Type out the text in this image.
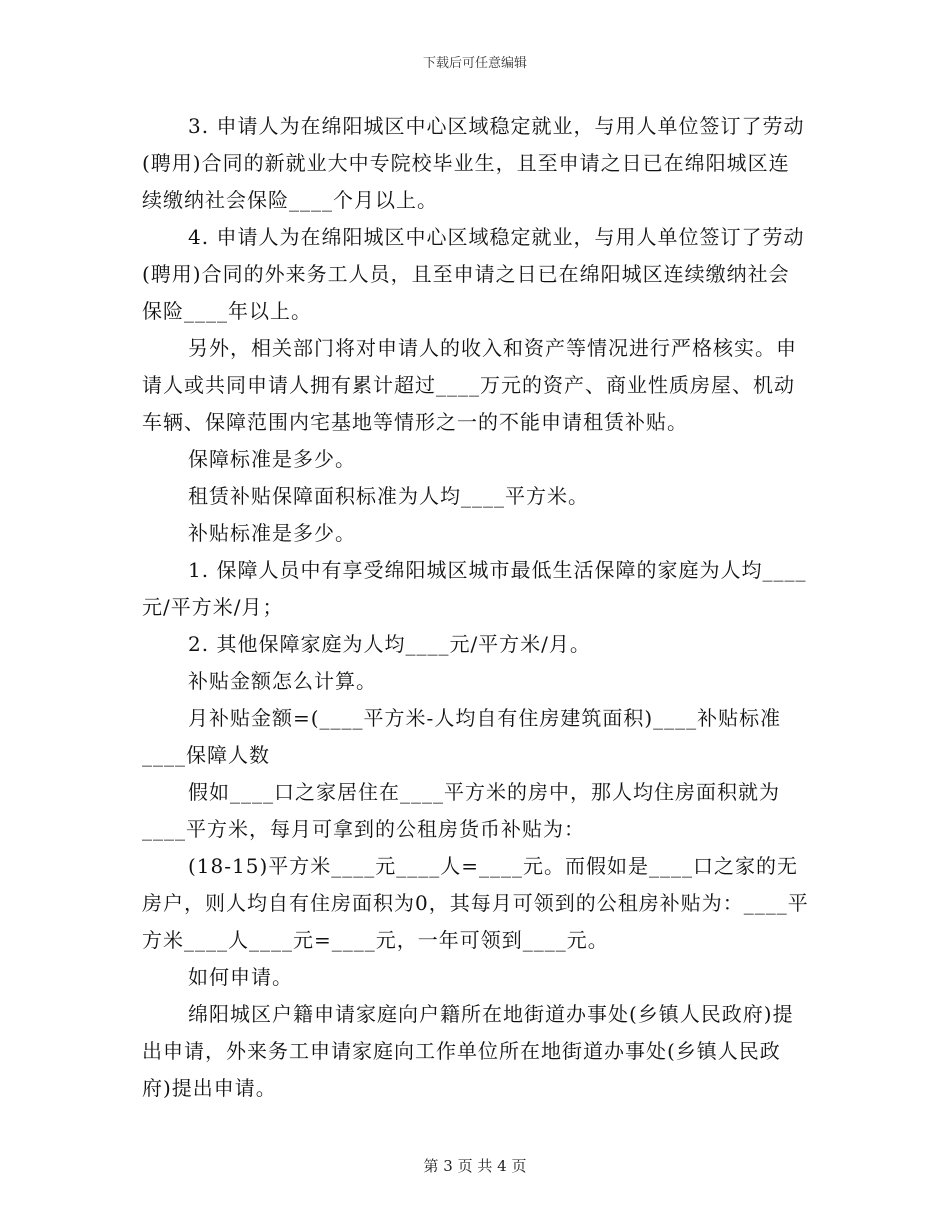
下载后可任意编辑

3. 申请人为在绵阳城区中心区域稳定就业，与用人单位签订了劳动(聘用)合同的新就业大中专院校毕业生，且至申请之日已在绵阳城区连续缴纳社会保险____个月以上。

4. 申请人为在绵阳城区中心区域稳定就业，与用人单位签订了劳动(聘用)合同的外来务工人员，且至申请之日已在绵阳城区连续缴纳社会保险____年以上。

另外，相关部门将对申请人的收入和资产等情况进行严格核实。申请人或共同申请人拥有累计超过____万元的资产、商业性质房屋、机动车辆、保障范围内宅基地等情形之一的不能申请租赁补贴。

保障标准是多少。

租赁补贴保障面积标准为人均____平方米。

补贴标准是多少。

1. 保障人员中有享受绵阳城区城市最低生活保障的家庭为人均____元/平方米/月；

2. 其他保障家庭为人均____元/平方米/月。

补贴金额怎么计算。

月补贴金额=(____平方米-人均自有住房建筑面积)____补贴标准____保障人数

假如____口之家居住在____平方米的房中，那人均住房面积就为____平方米，每月可拿到的公租房货币补贴为：

(18-15)平方米____元____人=____元。而假如是____口之家的无房户，则人均自有住房面积为0，其每月可领到的公租房补贴为：____平方米____人____元=____元，一年可领到____元。

如何申请。

绵阳城区户籍申请家庭向户籍所在地街道办事处(乡镇人民政府)提出申请，外来务工申请家庭向工作单位所在地街道办事处(乡镇人民政府)提出申请。

第 3 页 共 4 页
